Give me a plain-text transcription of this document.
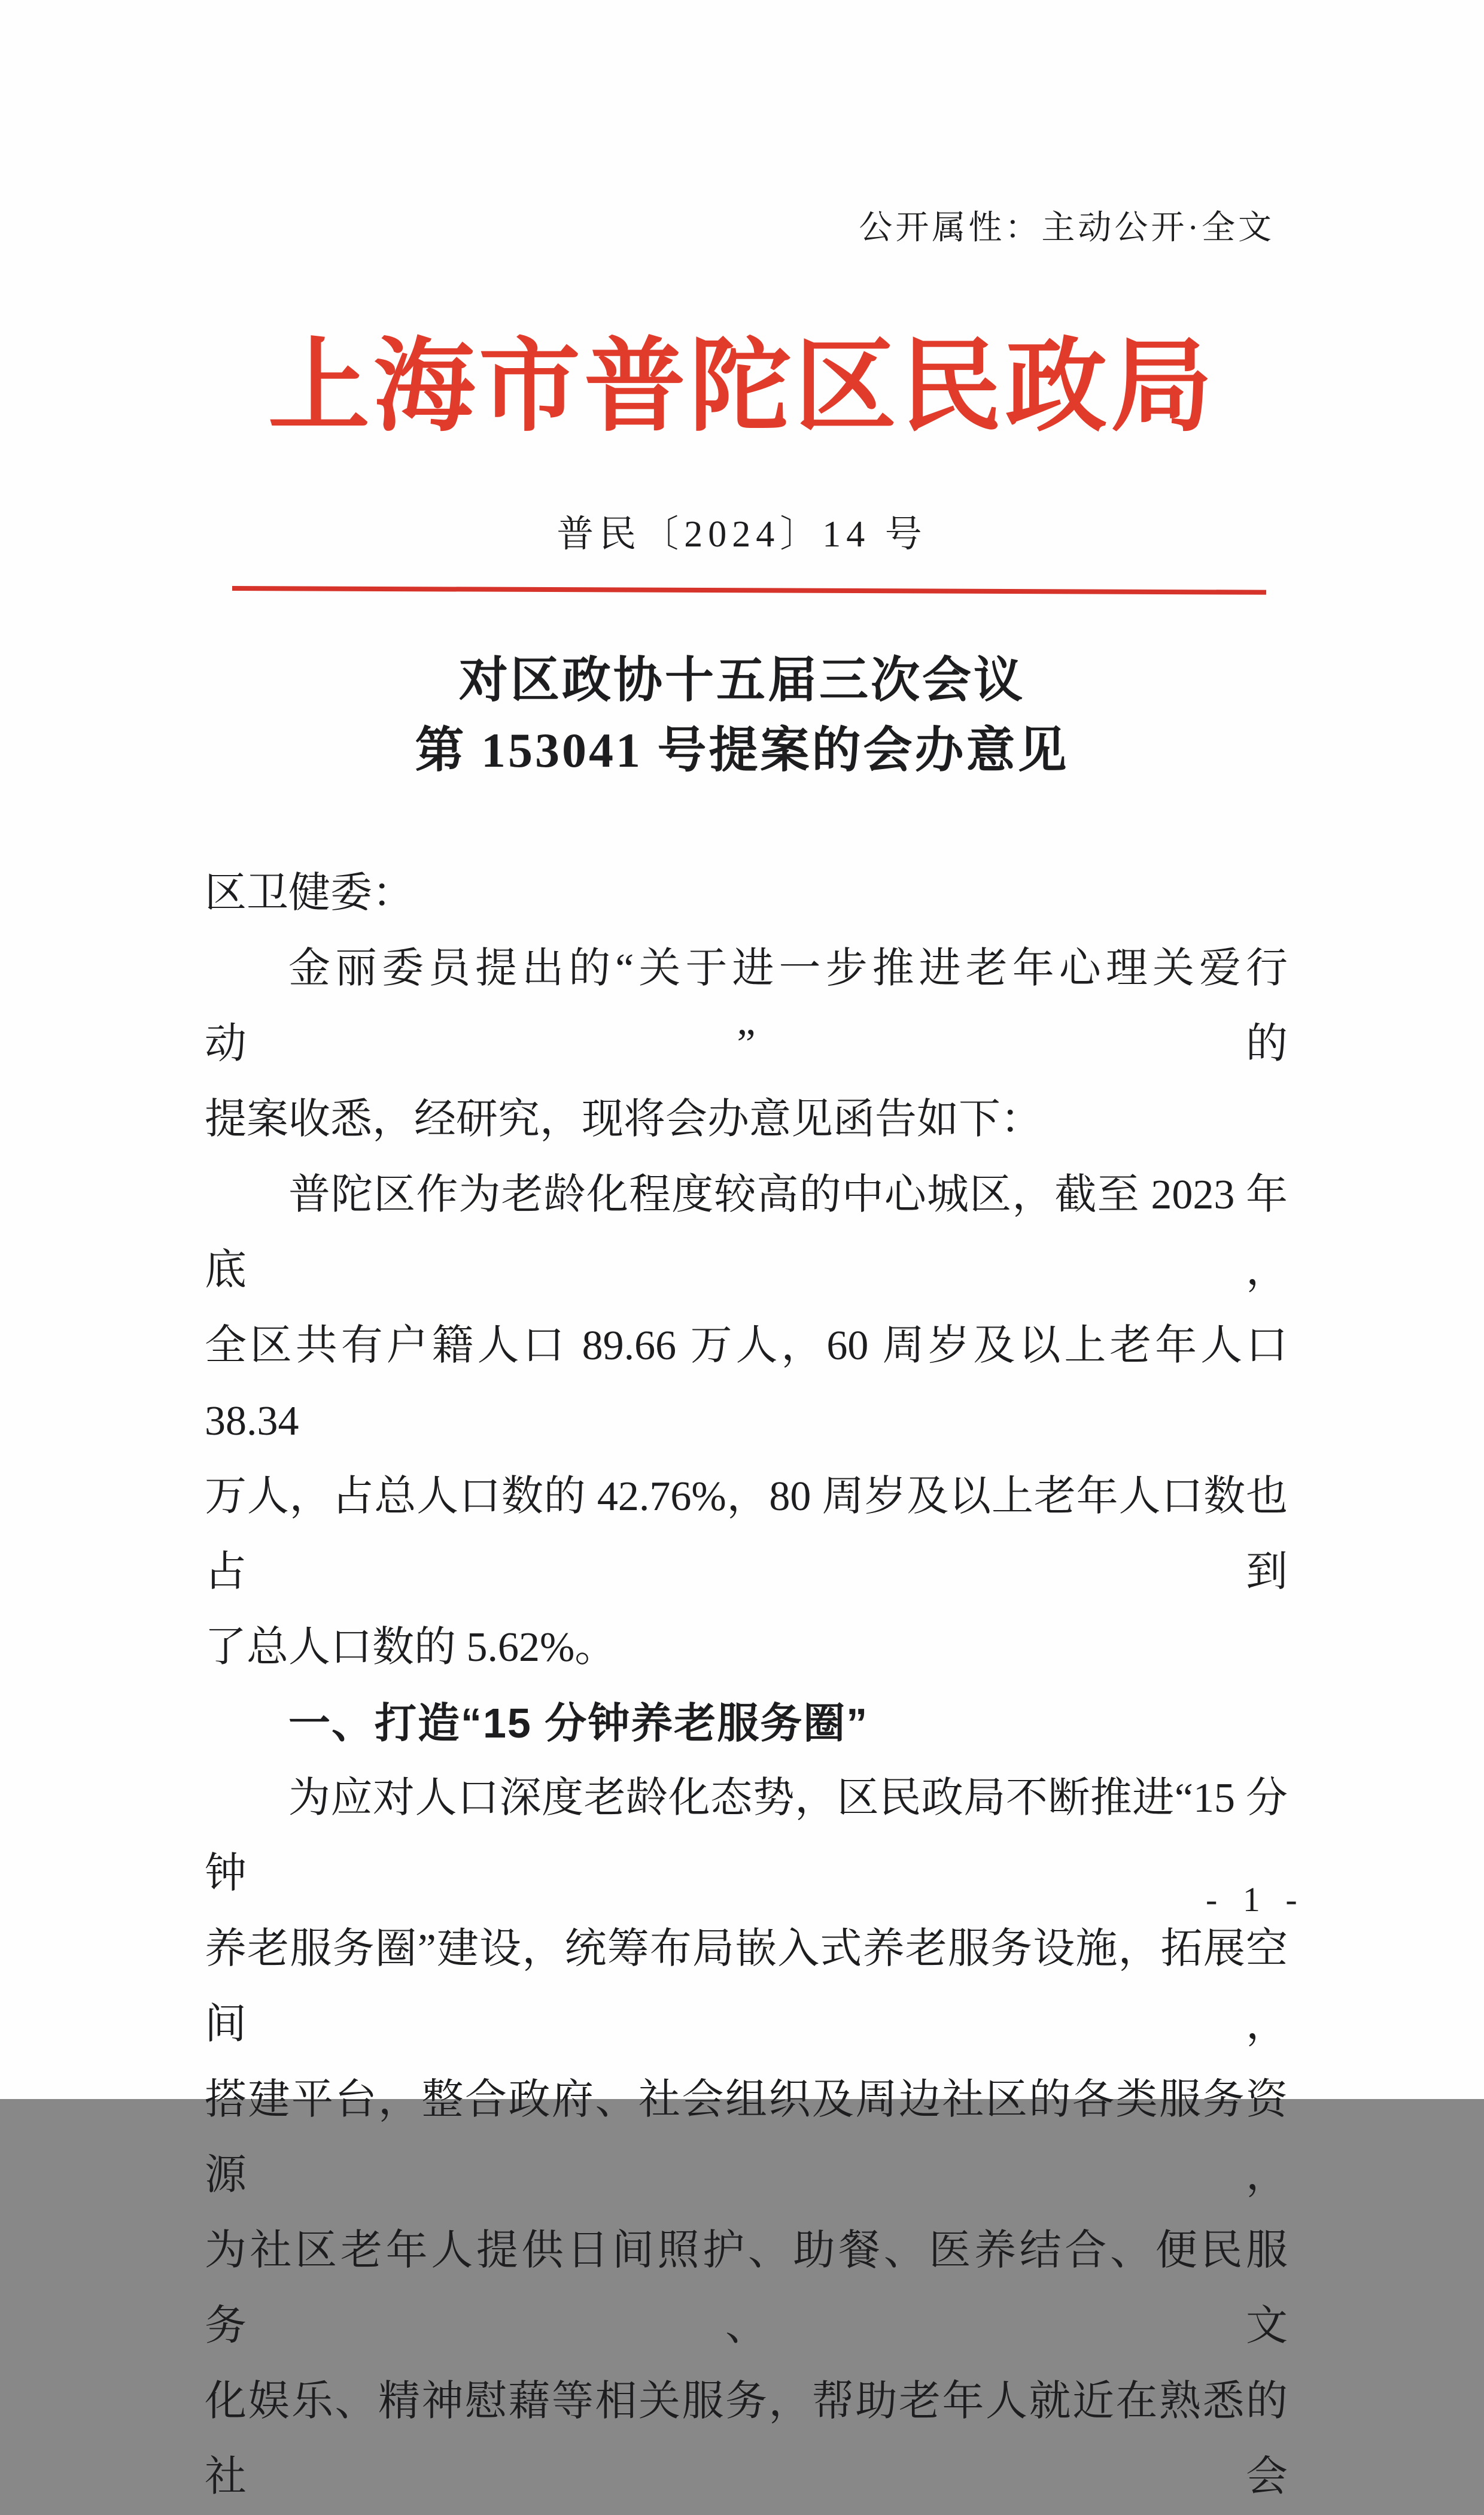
公开属性：主动公开·全文
上海市普陀区民政局
普民〔2024〕14 号
对区政协十五届三次会议
第 153041 号提案的会办意见
区卫健委：
金丽委员提出的“关于进一步推进老年心理关爱行动”的
提案收悉，经研究，现将会办意见函告如下：
普陀区作为老龄化程度较高的中心城区，截至 2023 年底，
全区共有户籍人口 89.66 万人，60 周岁及以上老年人口 38.34
万人，占总人口数的 42.76%，80 周岁及以上老年人口数也占到
了总人口数的 5.62%。
一、打造“15 分钟养老服务圈”
为应对人口深度老龄化态势，区民政局不断推进“15 分钟
养老服务圈”建设，统筹布局嵌入式养老服务设施，拓展空间，
搭建平台，整合政府、社会组织及周边社区的各类服务资源，
为社区老年人提供日间照护、助餐、医养结合、便民服务、文
化娱乐、精神慰藉等相关服务，帮助老年人就近在熟悉的社会
- 1 -
